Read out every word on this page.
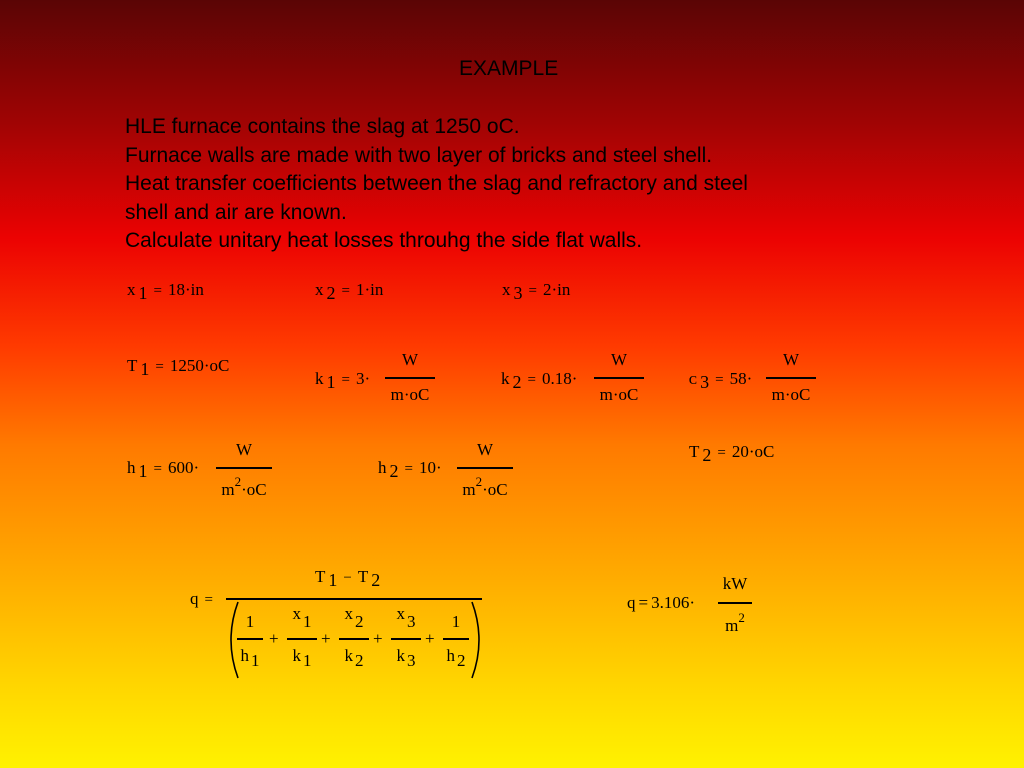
EXAMPLE
HLE furnace contains the slag at 1250 oC.
Furnace walls are made with two layer of bricks and steel shell.
Heat transfer coefficients between the slag and refractory and steel
shell and air are known.
Calculate unitary heat losses throuhg the side flat walls.
x 1 = 18·in	x 2 = 1·in	x 3 = 2·in
T 1 = 1250·oC
k 1 = 3·
W
m·oC
k 2 = 0.18·
W
m·oC
ᴄ 3 = 58·
W
m·oC
h 1 = 600·
W
$m^2\cdot oC$
h 2 = 10·
W
$m^2\cdot oC$
T 2 = 20·oC
q =
T 1 − T 2
1
h 1
+
x 1
k 1
+
x 2
k 2
+
x 3
k 3
+
1
h 2
q = 3.106·
kW
$m^2$
